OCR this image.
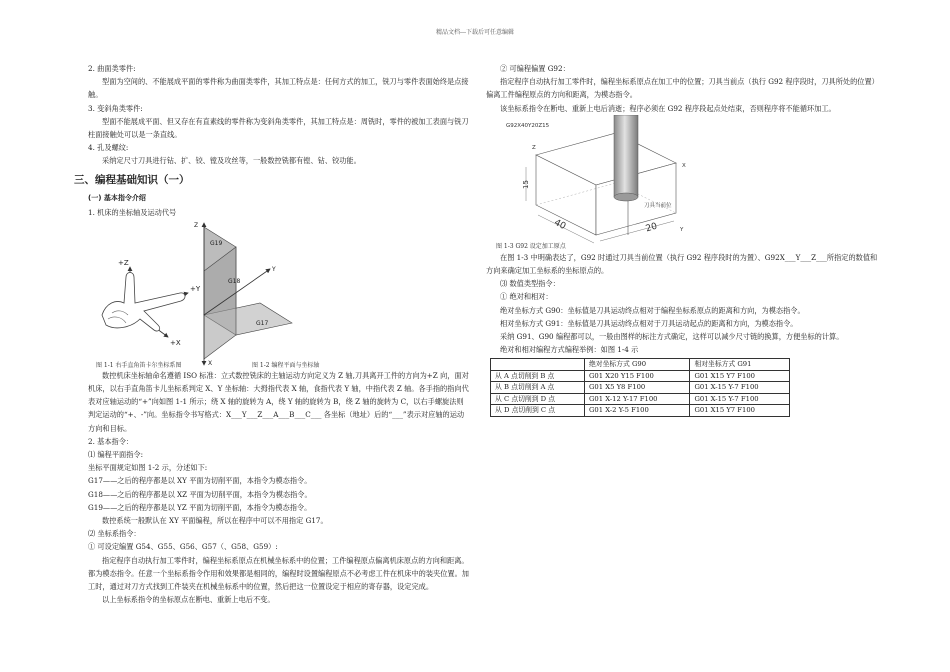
精品文档---下载后可任意编辑

2. 曲面类零件:

型面为空间的、不能展成平面的零件称为曲面类零件，其加工特点是：任何方式的加工，铣刀与零件表面始终是点接触。

3. 变斜角类零件:

型面不能展成平面、但又存在有直素线的零件称为变斜角类零件，其加工特点是：周铣时，零件的被加工表面与铣刀柱面接触处可以是一条直线。

4. 孔及螺纹:

采纳定尺寸刀具进行钻、扩、铰、镗及攻丝等，一般数控铣都有镗、钻、铰功能。

三、编程基础知识（一）
(一) 基本指令介绍

1. 机床的坐标轴及运动代号

+Z
+Y
+X
Z
G19
G18
Y
G17
X
图 1-1 右手直角笛卡尔坐标系图	图 1-2 编程平面与坐标轴

数控机床坐标轴命名遵循 ISO 标准：立式数控铣床的主轴运动方向定义为 Z 轴,刀具离开工件的方向为+Z 向，面对机床，以右手直角笛卡儿坐标系判定 X、Y 坐标轴：大拇指代表 X 轴，食指代表 Y 轴，中指代表 Z 轴。各手指的指向代表对应轴运动的“+”向如图 1-1 所示；绕 X 轴的旋转为 A，绕 Y 轴的旋转为 B，绕 Z 轴的旋转为 C，以右手螺旋法则判定运动的“+、-”向。坐标指令书写格式：X___Y___Z___A___B___C___ 各坐标（地址）后的“___”表示对应轴的运动方向和目标。

2. 基本指令：

⑴ 编程平面指令:

坐标平面规定如图 1-2 示，分述如下:

G17——之后的程序都是以 XY 平面为切削平面，本指令为模态指令。

G18——之后的程序都是以 XZ 平面为切削平面，本指令为模态指令。

G19——之后的程序都是以 YZ 平面为切削平面，本指令为模态指令。

数控系统一般默认在 XY 平面编程，所以在程序中可以不用指定 G17。

⑵ 坐标系指令：

① 可设定编置 G54、G55、G56、G57（、G58、G59）:

指定程序自动执行加工零件时，编程坐标系原点在机械坐标系中的位置；工件编程原点偏离机床原点的方向和距离。都为模态指令。任意一个坐标系指令作用和效果都是相同的，编程时设置编程原点不必考虑工件在机床中的装夹位置。加工时，通过对刀方式找到工件装夹在机械坐标系中的位置，然后把这一位置设定于相应的寄存器，设定完成。

以上坐标系指令的坐标原点在断电、重新上电后不变。

② 可编程偏置 G92：

指定程序自动执行加工零件时，编程坐标系原点在加工中的位置；刀具当前点（执行 G92 程序段时，刀具所处的位置）偏离工件编程原点的方向和距离，为模态指令。

该坐标系指令在断电、重新上电后消逝；程序必须在 G92 程序段起点处结束，否则程序将不能循环加工。

G92X40Y20Z15
刀具当前位
15
40	20
Z
X
Y
图 1-3 G92 设定加工原点

在图 1-3 中明确表达了，G92 时通过刀具当前位置（执行 G92 程序段时的为置）、G92X___Y___Z___所指定的数值和方向来确定加工坐标系的坐标原点的。

⑶ 数值类型指令：

① 绝对和相对：

绝对坐标方式 G90：坐标值是刀具运动终点相对于编程坐标系原点的距离和方向，为模态指令。

相对坐标方式 G91：坐标值是刀具运动终点相对于刀具运动起点的距离和方向，为模态指令。

采纳 G91、G90 编程都可以，一般由图样的标注方式确定，这样可以减少尺寸链的换算，方便坐标的计算。

绝对和相对编程方式编程举例：如图 1-4 示

	绝对坐标方式 G90	相对坐标方式 G91
从 A 点切削到 B 点	G01 X20 Y15 F100	G01 X15 Y7 F100
从 B 点切削到 A 点	G01 X5 Y8 F100	G01 X-15 Y-7 F100
从 C 点切削到 D 点	G01 X-12 Y-17 F100	G01 X-15 Y-7 F100
从 D 点切削到 C 点	G01 X-2 Y-5 F100	G01 X15 Y7 F100
